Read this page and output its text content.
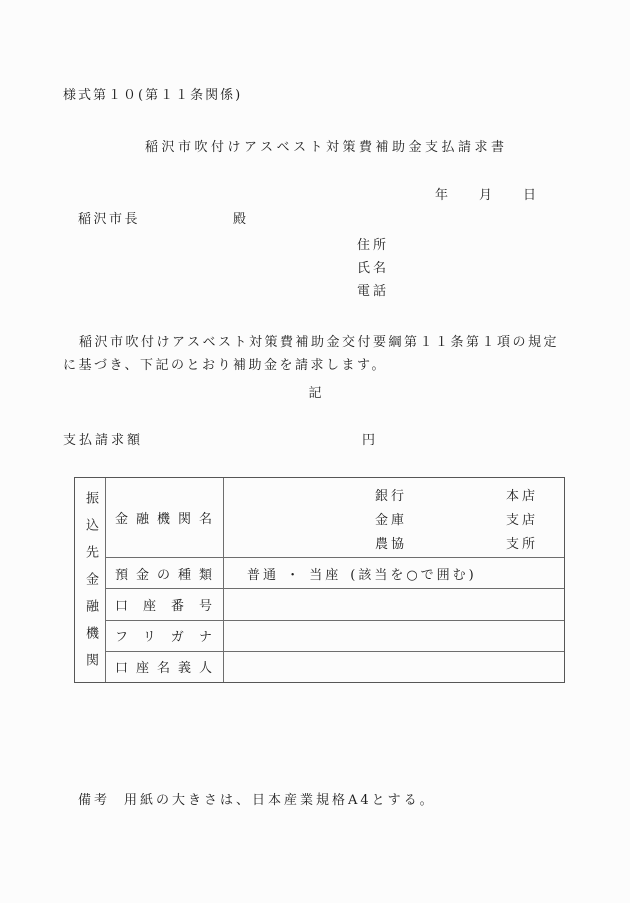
様式第１０(第１１条関係)
稲沢市吹付けアスベスト対策費補助金支払請求書
年 月 日
稲沢市長	殿
住所
氏名
電話
稲沢市吹付けアスベスト対策費補助金交付要綱第１１条第１項の規定
に基づき、下記のとおり補助金を請求します。
記
支払請求額	円
振込先金融機関	金融機関名
銀行	本店
金庫	支店
農協	支所
預金の種類	普通 ・ 当座 (該当を○で囲む)
口座番号
フリガナ
口座名義人
備考 用紙の大きさは、日本産業規格A4とする。
